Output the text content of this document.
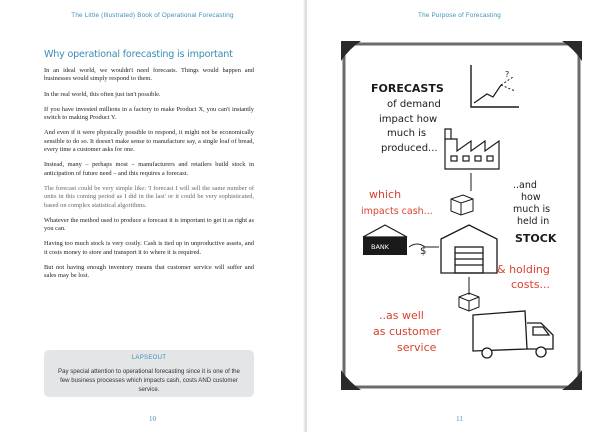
The Little (Illustrated) Book of Operational Forecasting
Why operational forecasting is important

In an ideal world, we wouldn't need forecasts. Things would happen and businesses would simply respond to them.

In the real world, this often just isn't possible.

If you have invested millions in a factory to make Product X, you can't instantly switch to making Product Y.

And even if it were physically possible to respond, it might not be economically sensible to do so. It doesn't make sense to manufacture say, a single loaf of bread, every time a customer asks for one.

Instead, many – perhaps most – manufacturers and retailers build stock in anticipation of future need – and this requires a forecast.

The forecast could be very simple like: 'I forecast I will sell the same number of units in this coming period as I did in the last' or it could be very sophisticated, based on complex statistical algorithms.

Whatever the method used to produce a forecast it is important to get it as right as you can.

Having too much stock is very costly. Cash is tied up in unproductive assets, and it costs money to store and transport it to where it is required.

But not having enough inventory means that customer service will suffer and sales may be lost.

LAPSEOUT
Pay special attention to operational forecasting since it is one of the few business processes which impacts cash, costs AND customer service.
10
The Purpose of Forecasting
FORECASTS
of demand
impact how
much is
produced...
?
which
impacts cash...
..and
how
much is
held in
STOCK
BANK	$
& holding
costs...
..as well
as customer
service
11
